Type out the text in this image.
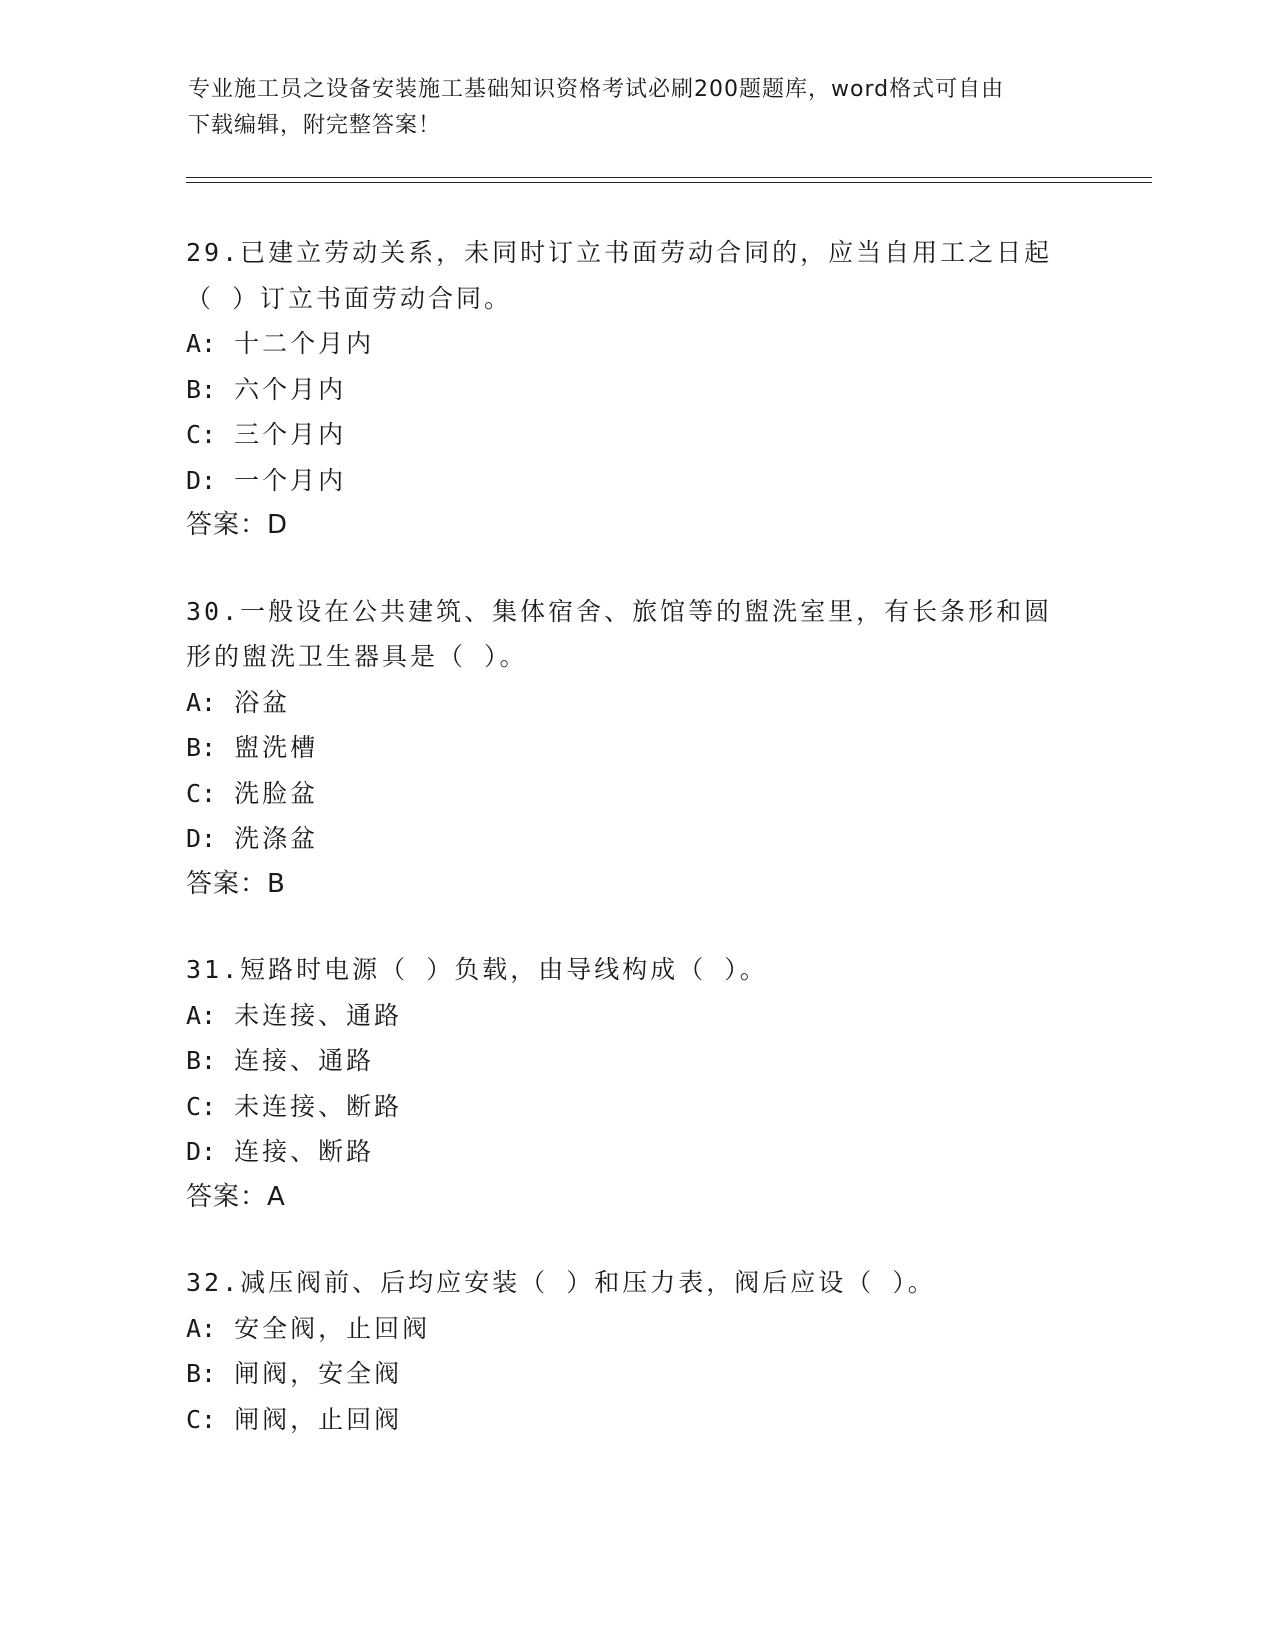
专业施工员之设备安装施工基础知识资格考试必刷200题题库，word格式可自由
下载编辑，附完整答案！
29.已建立劳动关系，未同时订立书面劳动合同的，应当自用工之日起
（ ）订立书面劳动合同。
A: 十二个月内
B: 六个月内
C: 三个月内
D: 一个月内
答案：D
30.一般设在公共建筑、集体宿舍、旅馆等的盥洗室里，有长条形和圆
形的盥洗卫生器具是（ ）。
A: 浴盆
B: 盥洗槽
C: 洗脸盆
D: 洗涤盆
答案：B
31.短路时电源（ ）负载，由导线构成（ ）。
A: 未连接、通路
B: 连接、通路
C: 未连接、断路
D: 连接、断路
答案：A
32.减压阀前、后均应安装（ ）和压力表，阀后应设（ ）。
A: 安全阀，止回阀
B: 闸阀，安全阀
C: 闸阀，止回阀
